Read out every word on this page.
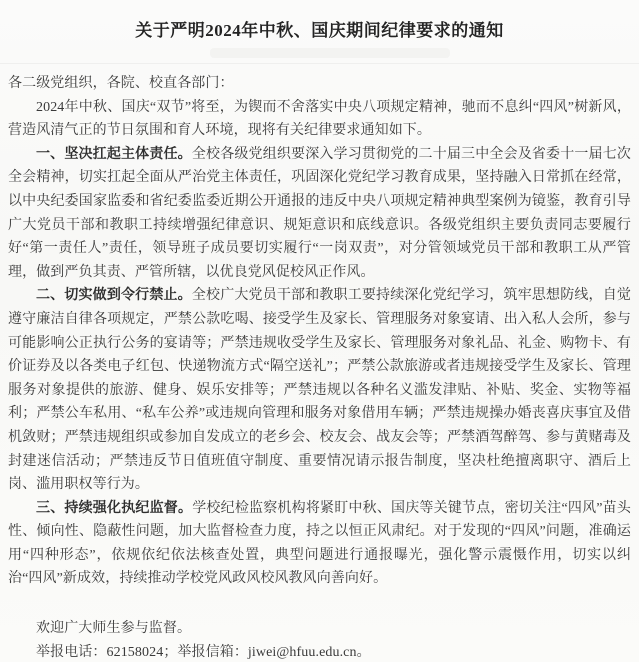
关于严明2024年中秋、国庆期间纪律要求的通知

各二级党组织，各院、校直各部门：

2024年中秋、国庆“双节”将至，为锲而不舍落实中央八项规定精神，驰而不息纠“四风”树新风，营造风清气正的节日氛围和育人环境，现将有关纪律要求通知如下。

一、坚决扛起主体责任。全校各级党组织要深入学习贯彻党的二十届三中全会及省委十一届七次全会精神，切实扛起全面从严治党主体责任，巩固深化党纪学习教育成果，坚持融入日常抓在经常，以中央纪委国家监委和省纪委监委近期公开通报的违反中央八项规定精神典型案例为镜鉴，教育引导广大党员干部和教职工持续增强纪律意识、规矩意识和底线意识。各级党组织主要负责同志要履行好“第一责任人”责任，领导班子成员要切实履行“一岗双责”，对分管领域党员干部和教职工从严管理，做到严负其责、严管所辖，以优良党风促校风正作风。

二、切实做到令行禁止。全校广大党员干部和教职工要持续深化党纪学习，筑牢思想防线，自觉遵守廉洁自律各项规定，严禁公款吃喝、接受学生及家长、管理服务对象宴请、出入私人会所，参与可能影响公正执行公务的宴请等；严禁违规收受学生及家长、管理服务对象礼品、礼金、购物卡、有价证券及以各类电子红包、快递物流方式“隔空送礼”；严禁公款旅游或者违规接受学生及家长、管理服务对象提供的旅游、健身、娱乐安排等；严禁违规以各种名义滥发津贴、补贴、奖金、实物等福利；严禁公车私用、“私车公养”或违规向管理和服务对象借用车辆；严禁违规操办婚丧喜庆事宜及借机敛财；严禁违规组织或参加自发成立的老乡会、校友会、战友会等；严禁酒驾醉驾、参与黄赌毒及封建迷信活动；严禁违反节日值班值守制度、重要情况请示报告制度，坚决杜绝擅离职守、酒后上岗、滥用职权等行为。

三、持续强化执纪监督。学校纪检监察机构将紧盯中秋、国庆等关键节点，密切关注“四风”苗头性、倾向性、隐蔽性问题，加大监督检查力度，持之以恒正风肃纪。对于发现的“四风”问题，准确运用“四种形态”，依规依纪依法核查处置，典型问题进行通报曝光，强化警示震慑作用，切实以纠治“四风”新成效，持续推动学校党风政风校风教风向善向好。

欢迎广大师生参与监督。

举报电话：62158024；举报信箱：jiwei@hfuu.edu.cn。
